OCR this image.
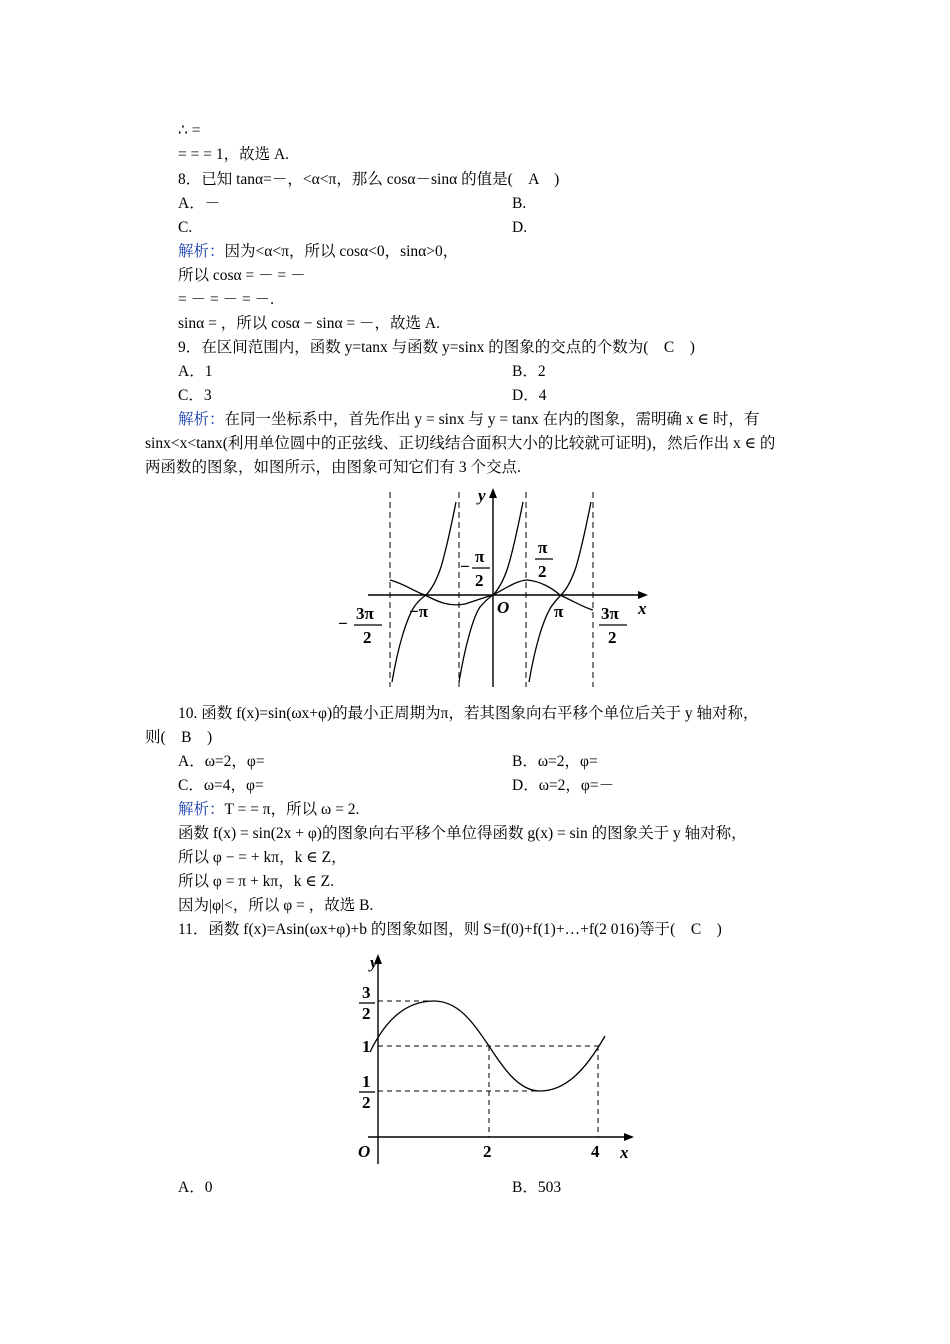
∴ =
= = = 1，故选 A.
8．已知 tanα=－，<α<π，那么 cosα－sinα 的值是(　A　)
A．－	B.
C.	D.
解析：因为<α<π，所以 cosα<0，sinα>0，
所以 cosα = － = －
= － = － = －.
sinα = ，所以 cosα − sinα = －，故选 A.
9．在区间范围内，函数 y=tanx 与函数 y=sinx 的图象的交点的个数为(　C　)
A．1	B．2
C．3	D．4
解析：在同一坐标系中，首先作出 y = sinx 与 y = tanx 在内的图象，需明确 x ∈ 时，有
sinx<x<tanx(利用单位圆中的正弦线、正切线结合面积大小的比较就可证明)，然后作出 x ∈ 的
两函数的图象，如图所示，由图象可知它们有 3 个交点.
y
x
O
−π	π
−
3π
2
−
π
2
π
2
3π
2
10. 函数 f(x)=sin(ωx+φ)的最小正周期为π，若其图象向右平移个单位后关于 y 轴对称，
则(　B　)
A．ω=2，φ=	B．ω=2，φ=
C．ω=4，φ=	D．ω=2，φ=－
解析：T = = π，所以 ω = 2.
函数 f(x) = sin(2x + φ)的图象向右平移个单位得函数 g(x) = sin 的图象关于 y 轴对称，
所以 φ − = + kπ，k ∈ Z，
所以 φ = π + kπ，k ∈ Z.
因为|φ|<，所以 φ = ，故选 B.
11．函数 f(x)=Asin(ωx+φ)+b 的图象如图，则 S=f(0)+f(1)+…+f(2 016)等于(　C　)
y
x
O
3
2
1
1
2
2	4
A．0	B．503
